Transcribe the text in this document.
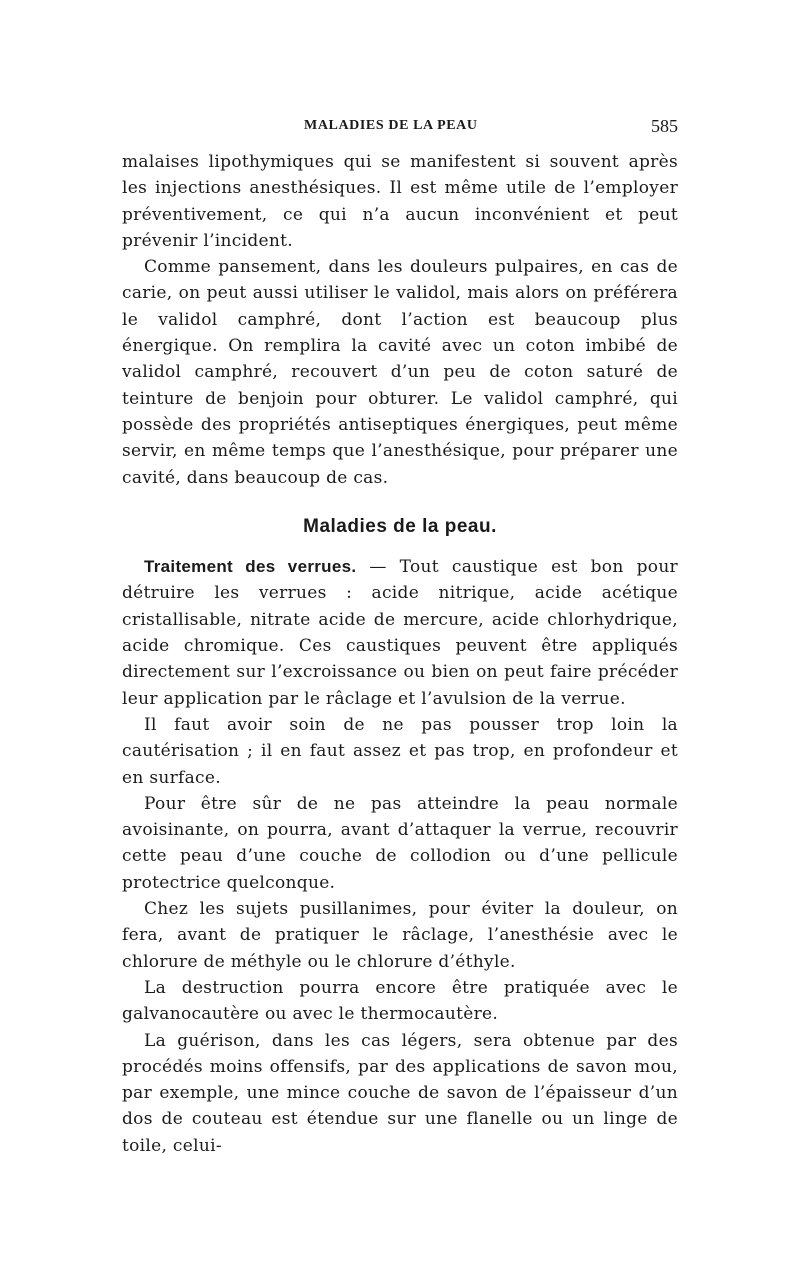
MALADIES DE LA PEAU	585

malaises lipothymiques qui se manifestent si souvent après les injections anesthésiques. Il est même utile de l’employer préventivement, ce qui n’a aucun inconvénient et peut prévenir l’incident.

Comme pansement, dans les douleurs pulpaires, en cas de carie, on peut aussi utiliser le validol, mais alors on préférera le validol camphré, dont l’action est beaucoup plus énergique. On remplira la cavité avec un coton imbibé de validol camphré, recouvert d’un peu de coton saturé de teinture de benjoin pour obturer. Le validol camphré, qui possède des propriétés antiseptiques énergiques, peut même servir, en même temps que l’anesthésique, pour préparer une cavité, dans beaucoup de cas.

Maladies de la peau.

Traitement des verrues. — Tout caustique est bon pour détruire les verrues : acide nitrique, acide acétique cristallisable, nitrate acide de mercure, acide chlorhydrique, acide chromique. Ces caustiques peuvent être appliqués directement sur l’excroissance ou bien on peut faire précéder leur application par le râclage et l’avulsion de la verrue.

Il faut avoir soin de ne pas pousser trop loin la cautérisation ; il en faut assez et pas trop, en profondeur et en surface.

Pour être sûr de ne pas atteindre la peau normale avoisinante, on pourra, avant d’attaquer la verrue, recouvrir cette peau d’une couche de collodion ou d’une pellicule protectrice quelconque.

Chez les sujets pusillanimes, pour éviter la douleur, on fera, avant de pratiquer le râclage, l’anesthésie avec le chlorure de méthyle ou le chlorure d’éthyle.

La destruction pourra encore être pratiquée avec le galvanocautère ou avec le thermocautère.

La guérison, dans les cas légers, sera obtenue par des procédés moins offensifs, par des applications de savon mou, par exemple, une mince couche de savon de l’épaisseur d’un dos de couteau est étendue sur une flanelle ou un linge de toile, celui-
